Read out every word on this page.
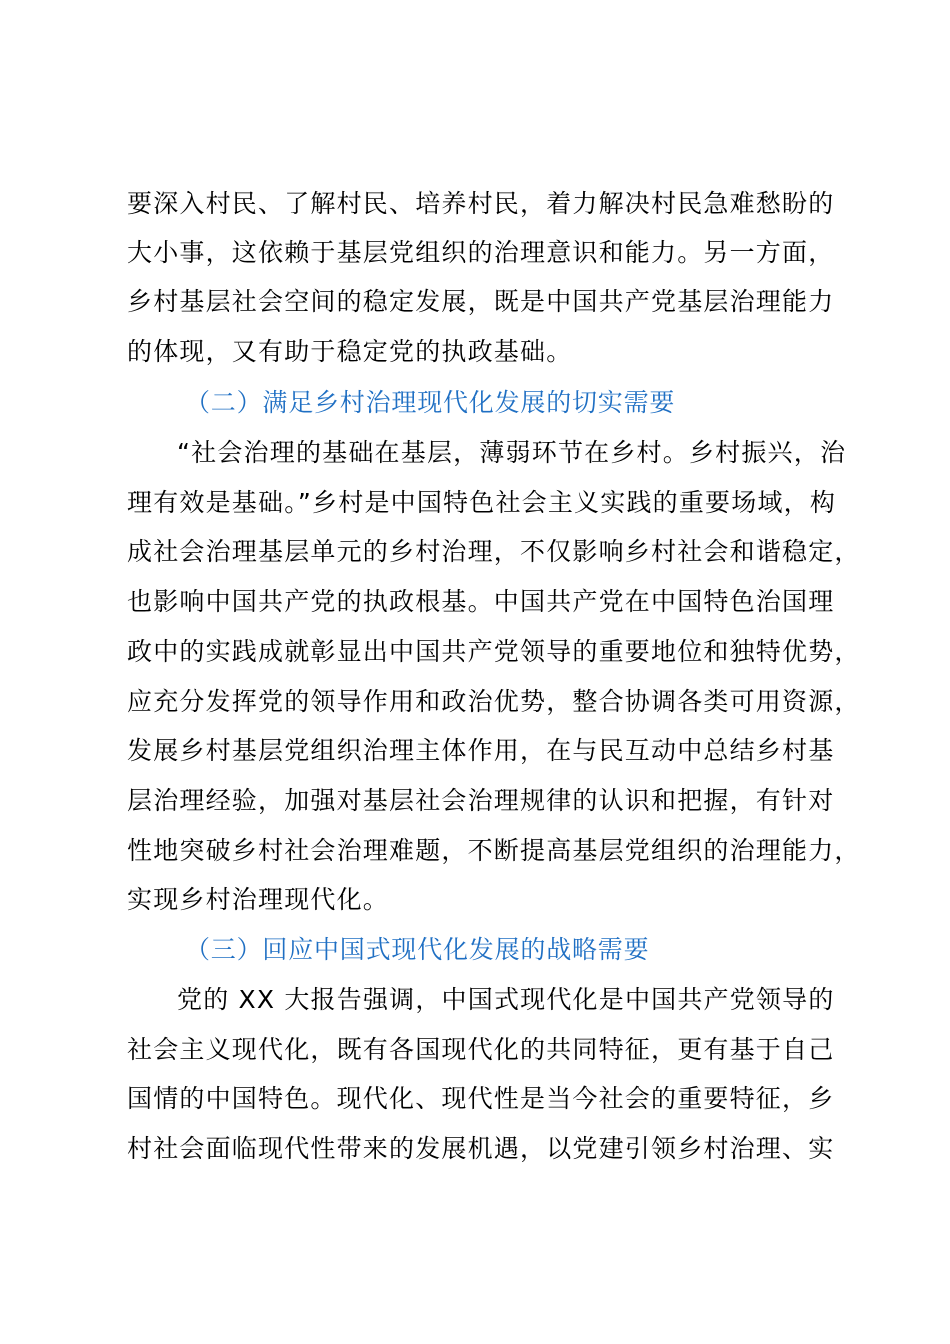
要深入村民、了解村民、培养村民，着力解决村民急难愁盼的
大小事，这依赖于基层党组织的治理意识和能力。另一方面，
乡村基层社会空间的稳定发展，既是中国共产党基层治理能力
的体现，又有助于稳定党的执政基础。
（二）满足乡村治理现代化发展的切实需要
“社会治理的基础在基层，薄弱环节在乡村。乡村振兴，治
理有效是基础。”乡村是中国特色社会主义实践的重要场域，构
成社会治理基层单元的乡村治理，不仅影响乡村社会和谐稳定，
也影响中国共产党的执政根基。中国共产党在中国特色治国理
政中的实践成就彰显出中国共产党领导的重要地位和独特优势，
应充分发挥党的领导作用和政治优势，整合协调各类可用资源，
发展乡村基层党组织治理主体作用，在与民互动中总结乡村基
层治理经验，加强对基层社会治理规律的认识和把握，有针对
性地突破乡村社会治理难题，不断提高基层党组织的治理能力，
实现乡村治理现代化。
（三）回应中国式现代化发展的战略需要
党的 XX 大报告强调，中国式现代化是中国共产党领导的
社会主义现代化，既有各国现代化的共同特征，更有基于自己
国情的中国特色。现代化、现代性是当今社会的重要特征，乡
村社会面临现代性带来的发展机遇，以党建引领乡村治理、实
